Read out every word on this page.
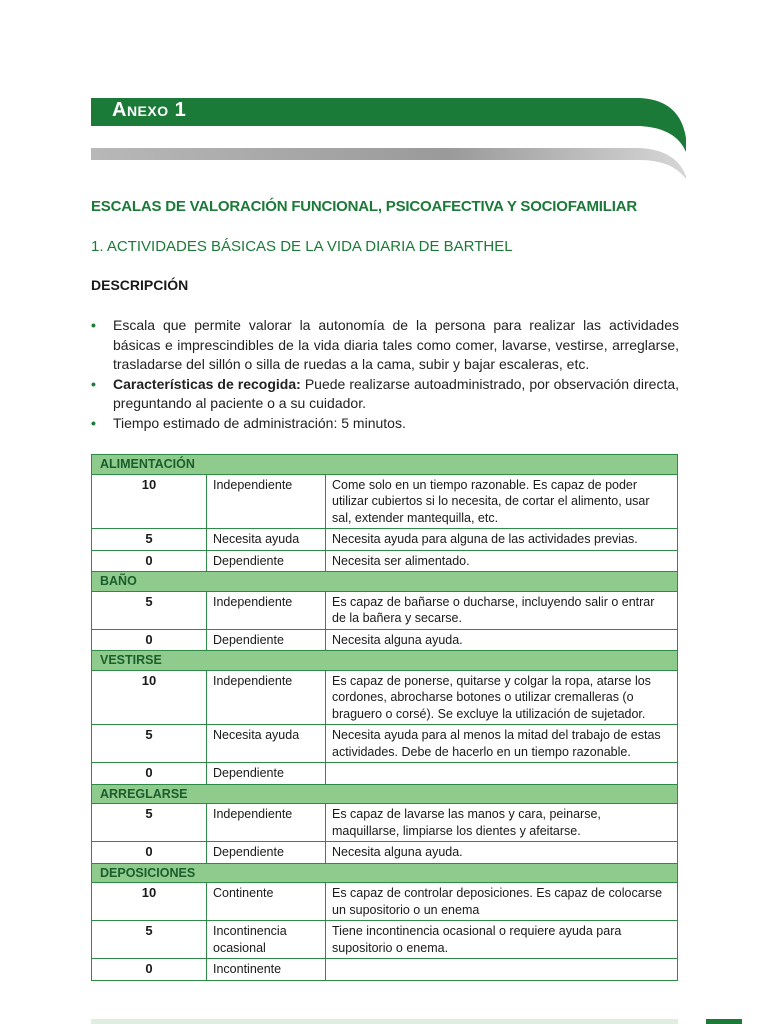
Anexo 1
ESCALAS DE VALORACIÓN FUNCIONAL, PSICOAFECTIVA Y SOCIOFAMILIAR
1. ACTIVIDADES BÁSICAS DE LA VIDA DIARIA DE BARTHEL
DESCRIPCIÓN
• Escala que permite valorar la autonomía de la persona para realizar las actividades básicas e imprescindibles de la vida diaria tales como comer, lavarse, vestirse, arreglarse, trasladarse del sillón o silla de ruedas a la cama, subir y bajar escaleras, etc.
• Características de recogida: Puede realizarse autoadministrado, por observación directa, preguntando al paciente o a su cuidador.
• Tiempo estimado de administración: 5 minutos.
ALIMENTACIÓN		
10	Independiente	Come solo en un tiempo razonable. Es capaz de poder utilizar cubiertos si lo necesita, de cortar el alimento, usar sal, extender mantequilla, etc.
5	Necesita ayuda	Necesita ayuda para alguna de las actividades previas.
0	Dependiente	Necesita ser alimentado.
BAÑO		
5	Independiente	Es capaz de bañarse o ducharse, incluyendo salir o entrar de la bañera y secarse.
0	Dependiente	Necesita alguna ayuda.
VESTIRSE		
10	Independiente	Es capaz de ponerse, quitarse y colgar la ropa, atarse los cordones, abrocharse botones o utilizar cremalleras (o braguero o corsé). Se excluye la utilización de sujetador.
5	Necesita ayuda	Necesita ayuda para al menos la mitad del trabajo de estas actividades. Debe de hacerlo en un tiempo razonable.
0	Dependiente	
ARREGLARSE		
5	Independiente	Es capaz de lavarse las manos y cara, peinarse, maquillarse, limpiarse los dientes y afeitarse.
0	Dependiente	Necesita alguna ayuda.
DEPOSICIONES		
10	Continente	Es capaz de controlar deposiciones. Es capaz de colocarse un supositorio o un enema
5	Incontinencia ocasional	Tiene incontinencia ocasional o requiere ayuda para supositorio o enema.
0	Incontinente	
